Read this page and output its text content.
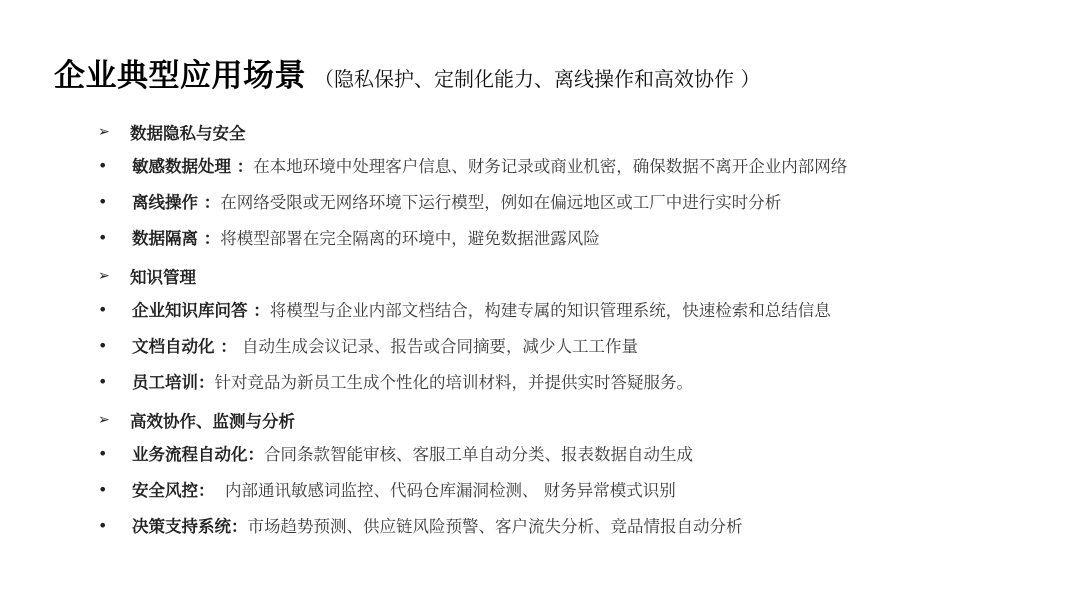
企业典型应用场景 （隐私保护、定制化能力、离线操作和高效协作 ）
➢	数据隐私与安全
•	敏感数据处理 ： 在本地环境中处理客户信息、财务记录或商业机密，确保数据不离开企业内部网络
•	离线操作 ： 在网络受限或无网络环境下运行模型，例如在偏远地区或工厂中进行实时分析
•	数据隔离 ： 将模型部署在完全隔离的环境中，避免数据泄露风险
➢	知识管理
•	企业知识库问答 ： 将模型与企业内部文档结合，构建专属的知识管理系统，快速检索和总结信息
•	文档自动化 ： 自动生成会议记录、报告或合同摘要，减少人工工作量
•	员工培训： 针对竞品为新员工生成个性化的培训材料，并提供实时答疑服务。
➢	高效协作、监测与分析
•	业务流程自动化： 合同条款智能审核、客服工单自动分类、报表数据自动生成
•	安全风控： 内部通讯敏感词监控、代码仓库漏洞检测、 财务异常模式识别
•	决策支持系统： 市场趋势预测、供应链风险预警、客户流失分析、竞品情报自动分析
